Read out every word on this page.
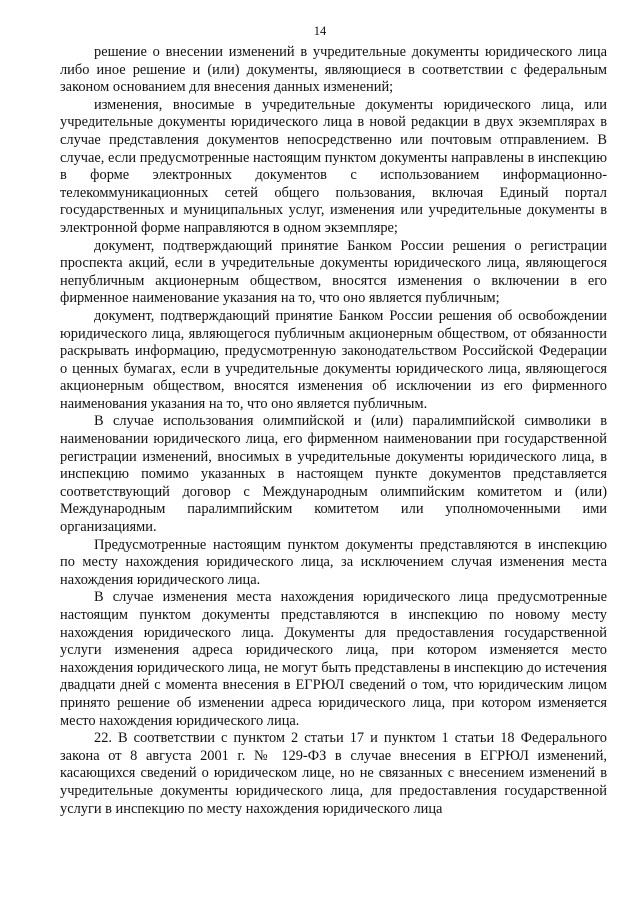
14

решение о внесении изменений в учредительные документы юридического лица либо иное решение и (или) документы, являющиеся в соответствии с федеральным законом основанием для внесения данных изменений;

изменения, вносимые в учредительные документы юридического лица, или учредительные документы юридического лица в новой редакции в двух экземплярах в случае представления документов непосредственно или почтовым отправлением. В случае, если предусмотренные настоящим пунктом документы направлены в инспекцию в форме электронных документов с использованием информационно-телекоммуникационных сетей общего пользования, включая Единый портал государственных и муниципальных услуг, изменения или учредительные документы в электронной форме направляются в одном экземпляре;

документ, подтверждающий принятие Банком России решения о регистрации проспекта акций, если в учредительные документы юридического лица, являющегося непубличным акционерным обществом, вносятся изменения о включении в его фирменное наименование указания на то, что оно является публичным;

документ, подтверждающий принятие Банком России решения об освобождении юридического лица, являющегося публичным акционерным обществом, от обязанности раскрывать информацию, предусмотренную законодательством Российской Федерации о ценных бумагах, если в учредительные документы юридического лица, являющегося акционерным обществом, вносятся изменения об исключении из его фирменного наименования указания на то, что оно является публичным.

В случае использования олимпийской и (или) паралимпийской символики в наименовании юридического лица, его фирменном наименовании при государственной регистрации изменений, вносимых в учредительные документы юридического лица, в инспекцию помимо указанных в настоящем пункте документов представляется соответствующий договор с Международным олимпийским комитетом и (или) Международным паралимпийским комитетом или уполномоченными ими организациями.

Предусмотренные настоящим пунктом документы представляются в инспекцию по месту нахождения юридического лица, за исключением случая изменения места нахождения юридического лица.

В случае изменения места нахождения юридического лица предусмотренные настоящим пунктом документы представляются в инспекцию по новому месту нахождения юридического лица. Документы для предоставления государственной услуги изменения адреса юридического лица, при котором изменяется место нахождения юридического лица, не могут быть представлены в инспекцию до истечения двадцати дней с момента внесения в ЕГРЮЛ сведений о том, что юридическим лицом принято решение об изменении адреса юридического лица, при котором изменяется место нахождения юридического лица.

22. В соответствии с пунктом 2 статьи 17 и пунктом 1 статьи 18 Федерального закона от 8 августа 2001 г. № 129-ФЗ в случае внесения в ЕГРЮЛ изменений, касающихся сведений о юридическом лице, но не связанных с внесением изменений в учредительные документы юридического лица, для предоставления государственной услуги в инспекцию по месту нахождения юридического лица
